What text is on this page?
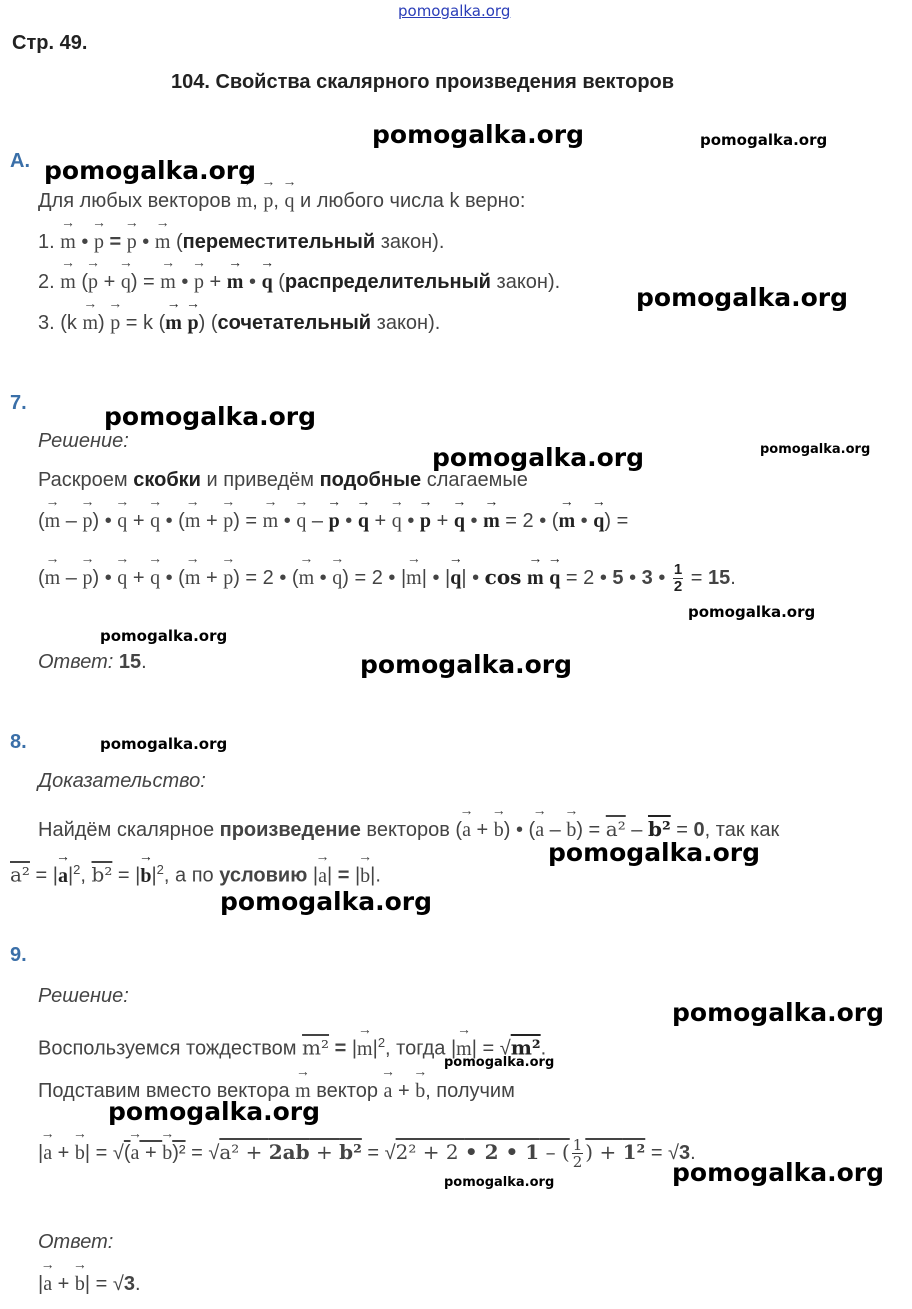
pomogalka.org
Стр. 49.
104. Свойства скалярного произведения векторов
A.
Для любых векторов → m, → p, → q и любого числа k верно:
1. → m • → p = → p • → m (переместительный закон).
2. → m (→ p + → q) = → m • → p + → m • → q (распределительный закон).
3. (k → m) → p = k (→ m → p) (сочетательный закон).
7.
Решение:
Раскроем скобки и приведём подобные слагаемые
(→ m – → p) • → q + → q • (→ m + → p) = → m • → q – → p • → q + → q • → p + → q • → m = 2 • (→ m • → q) =
(→ m – → p) • → q + → q • (→ m + → p) = 2 • (→ m • → q) = 2 • |→ m| • |→ q| • cos → m → q = 2 • 5 • 3 • $\frac{1}{2} = 15$.
Ответ: 15.
8.
Доказательство:
Найдём скалярное произведение векторов (→ a + → b) • (→ a – → b) = a² – b² = 0, так как
a² = |→ $a|^2$, b² = |→ $b|^2$, а по условию |→ a| = |→ b|.
9.
Решение:
Воспользуемся тождеством m² = |→ $m|^2$, тогда |→ m| = √m².
Подставим вместо вектора → m вектор → a + → b, получим
|→ a + → b| = √(→ a + → b)² = √a² + 2ab + b² = √2² + 2 • 2 • 1 – ( $\frac{1}{2}$ ) + 1² = √3.
Ответ:
|→ a + → b| = √3.
pomogalka.org	pomogalka.org
pomogalka.org
pomogalka.org
pomogalka.org
pomogalka.org	pomogalka.org
pomogalka.org
pomogalka.org
pomogalka.org
pomogalka.org
pomogalka.org
pomogalka.org
pomogalka.org
pomogalka.org
pomogalka.org
pomogalka.org
pomogalka.org
